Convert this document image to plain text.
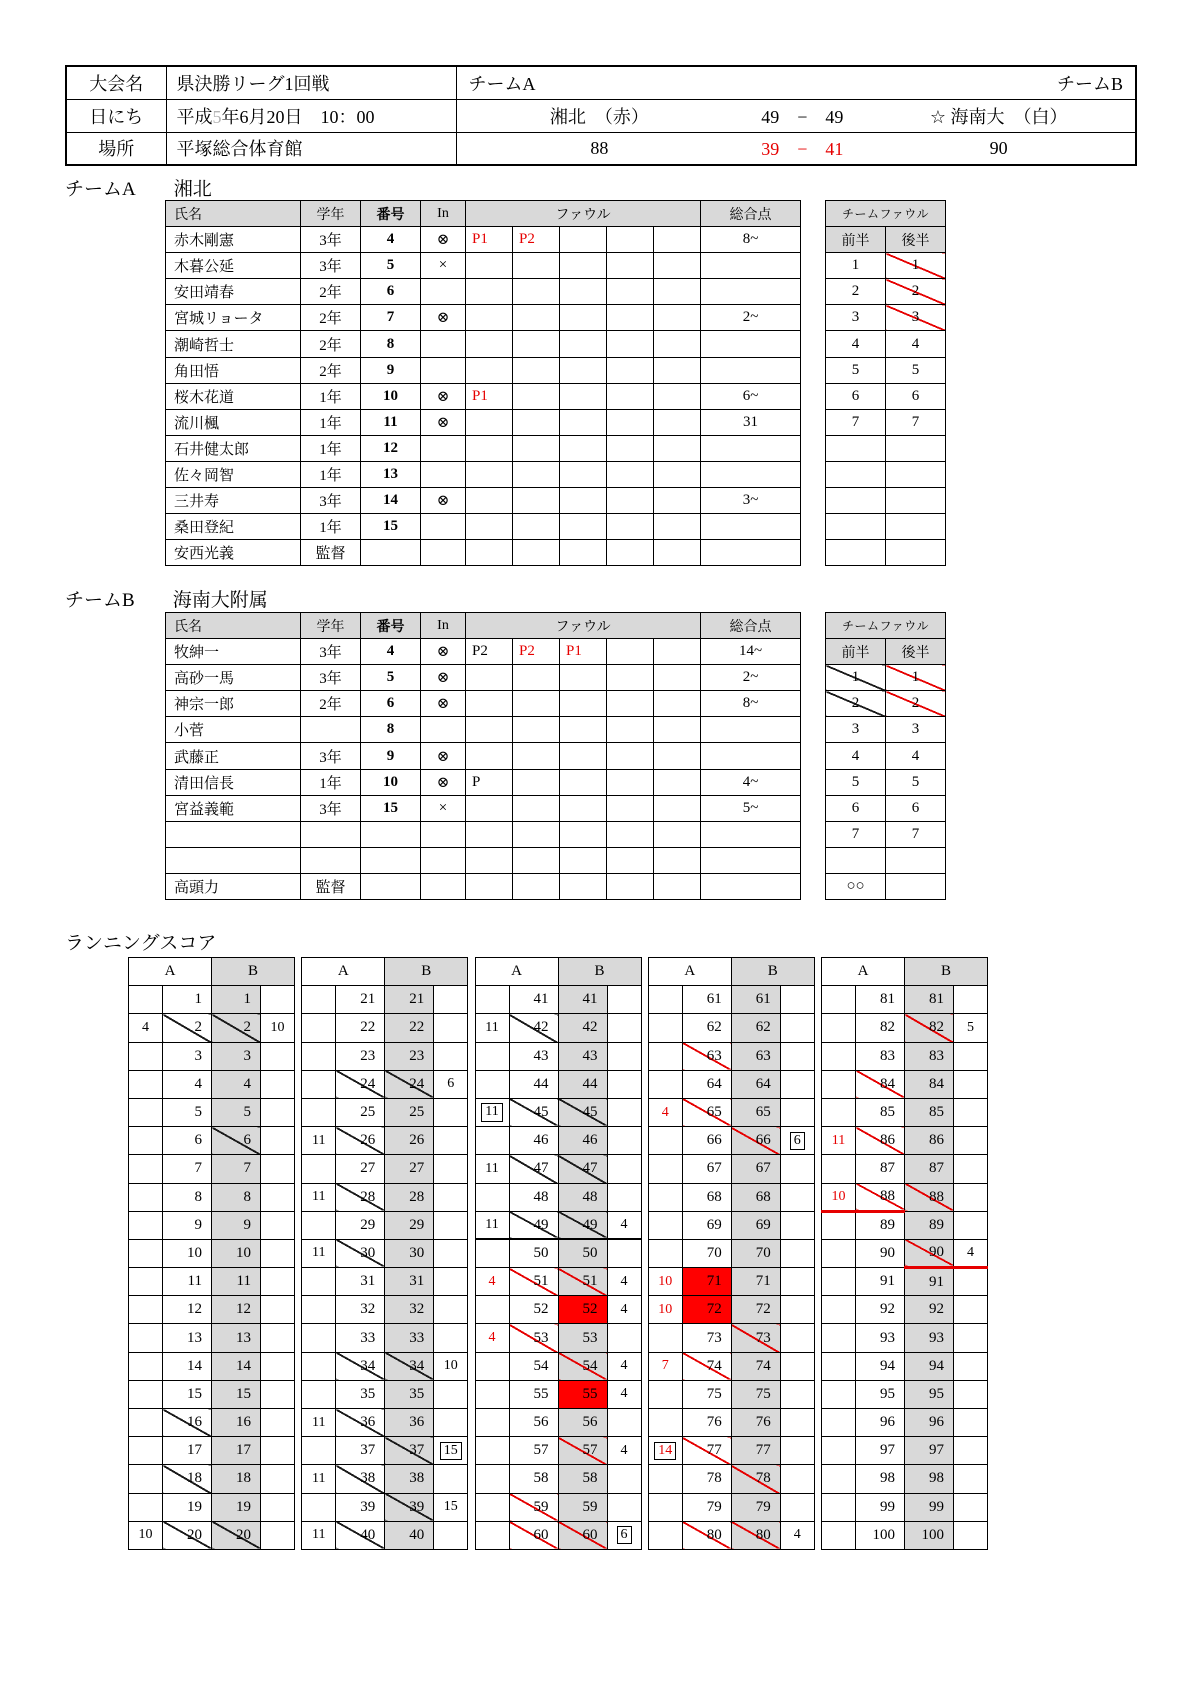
大会名	県決勝リーグ1回戦	チームA チームB

日にち	平成5年6月20日　10：00	湘北　（赤） 49　−　49 ☆ 海南大　（白）

場所	平塚総合体育館	88 39　−　41 90
チームA 湘北
氏名	学年	番号	In	ファウル					総合点
赤木剛憲	3年	4	⊗	P1	P2				8~
木暮公延	3年	5	×						
安田靖春	2年	6							
宮城リョータ	2年	7	⊗						2~
潮崎哲士	2年	8							
角田悟	2年	9							
桜木花道	1年	10	⊗	P1					6~
流川楓	1年	11	⊗						31
石井健太郎	1年	12							
佐々岡智	1年	13							
三井寿	3年	14	⊗						3~
桑田登紀	1年	15							
安西光義	監督								
チームファウル	
前半	後半
1	1
2	2
3	3
4	4
5	5
6	6
7	7

チームB 海南大附属
氏名	学年	番号	In	ファウル					総合点
牧紳一	3年	4	⊗	P2	P2	P1			14~
高砂一馬	3年	5	⊗						2~
神宗一郎	2年	6	⊗						8~
小菅		8							
武藤正	3年	9	⊗						
清田信長	1年	10	⊗	P					4~
宮益義範	3年	15	×						5~

高頭力	監督								
チームファウル	
前半	後半
1	1
2	2
3	3
4	4
5	5
6	6
7	7

○○	
ランニングスコア
A		B	
	1	1	
4	2	2	10
	3	3	
	4	4	
	5	5	
	6	6	
	7	7	
	8	8	
	9	9	
	10	10	
	11	11	
	12	12	
	13	13	
	14	14	
	15	15	
	16	16	
	17	17	
	18	18	
	19	19	
10	20	20	
A		B	
	21	21	
	22	22	
	23	23	
	24	24	6
	25	25	
11	26	26	
	27	27	
11	28	28	
	29	29	
11	30	30	
	31	31	
	32	32	
	33	33	
	34	34	10
	35	35	
11	36	36	
	37	37	15
11	38	38	
	39	39	15
11	40	40	
A		B	
	41	41	
11	42	42	
	43	43	
	44	44	
11	45	45	
	46	46	
11	47	47	
	48	48	
11	49	49	4
	50	50	
4	51	51	4
	52	52	4
4	53	53	
	54	54	4
	55	55	4
	56	56	
	57	57	4
	58	58	
	59	59	
	60	60	6
A		B	
	61	61	
	62	62	
	63	63	
	64	64	
4	65	65	
	66	66	6
	67	67	
	68	68	
	69	69	
	70	70	
10	71	71	
10	72	72	
	73	73	
7	74	74	
	75	75	
	76	76	
14	77	77	
	78	78	
	79	79	
	80	80	4
A		B	
	81	81	
	82	82	5
	83	83	
	84	84	
	85	85	
11	86	86	
	87	87	
10	88	88	
	89	89	
	90	90	4
	91	91	
	92	92	
	93	93	
	94	94	
	95	95	
	96	96	
	97	97	
	98	98	
	99	99	
	100	100	
